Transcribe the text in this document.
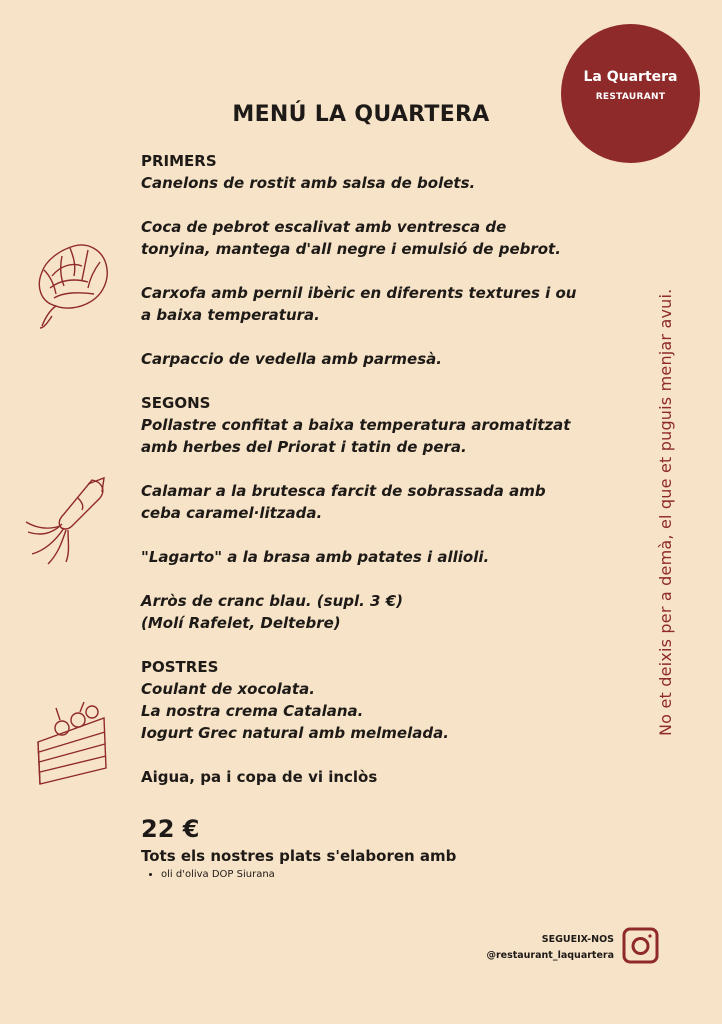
La Quartera
RESTAURANT
MENÚ LA QUARTERA

PRIMERS

Canelons de rostit amb salsa de bolets.

Coca de pebrot escalivat amb ventresca de tonyina, mantega d'all negre i emulsió de pebrot.

Carxofa amb pernil ibèric en diferents textures i ou a baixa temperatura.

Carpaccio de vedella amb parmesà.

SEGONS

Pollastre confitat a baixa temperatura aromatitzat amb herbes del Priorat i tatin de pera.

Calamar a la brutesca farcit de sobrassada amb ceba caramel·litzada.

"Lagarto" a la brasa amb patates i allioli.

Arròs de cranc blau. (supl. 3 €)
(Molí Rafelet, Deltebre)

POSTRES

Coulant de xocolata.
La nostra crema Catalana.
Iogurt Grec natural amb melmelada.

Aigua, pa i copa de vi inclòs

22 €

Tots els nostres plats s'elaboren amb

• oli d'oliva DOP Siurana
No et deixis per a demà, el que et puguis menjar avui.
SEGUEIX-NOS
@restaurant_laquartera
